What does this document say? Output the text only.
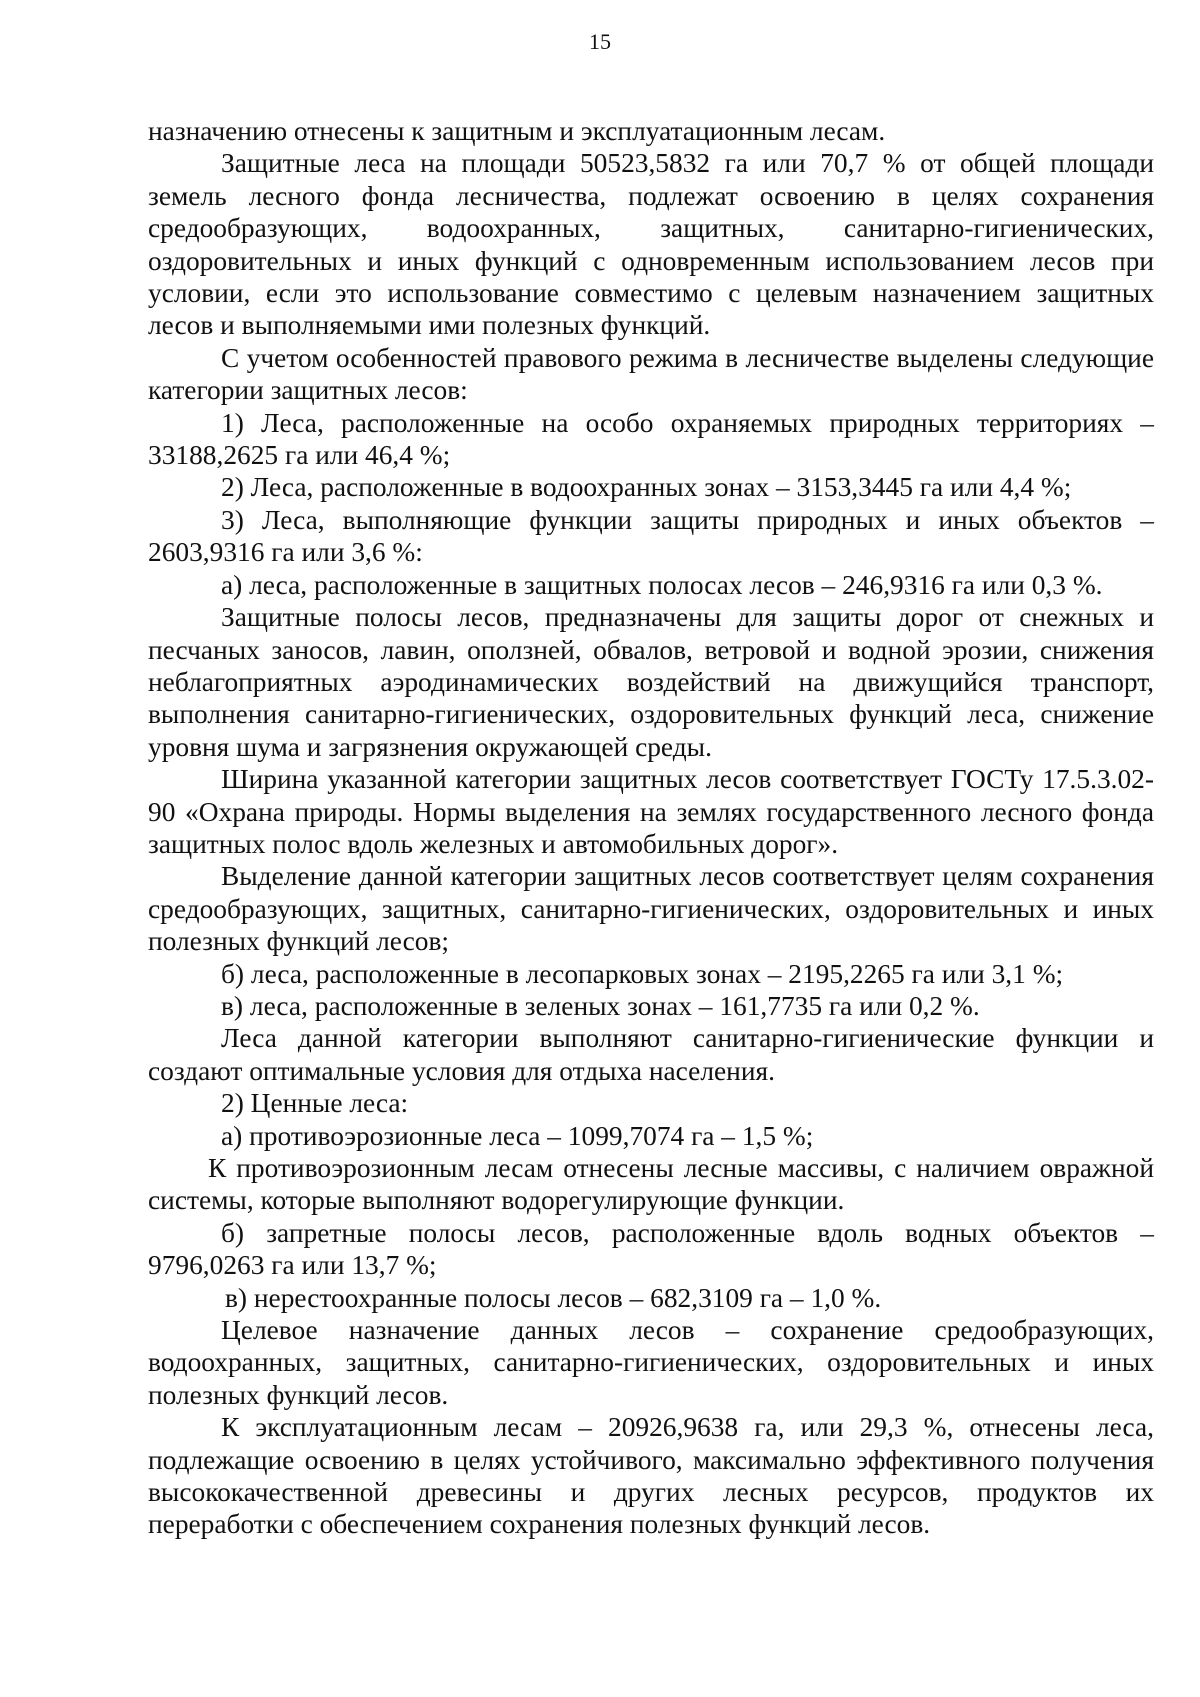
15

назначению отнесены к защитным и эксплуатационным лесам.

Защитные леса на площади 50523,5832 га или 70,7 % от общей площади земель лесного фонда лесничества, подлежат освоению в целях сохранения средообразующих, водоохранных, защитных, санитарно-гигиенических, оздоровительных и иных функций с одновременным использованием лесов при условии, если это использование совместимо с целевым назначением защитных лесов и выполняемыми ими полезных функций.

С учетом особенностей правового режима в лесничестве выделены следующие категории защитных лесов:

1) Леса, расположенные на особо охраняемых природных территориях – 33188,2625 га или 46,4 %;

2) Леса, расположенные в водоохранных зонах – 3153,3445 га или 4,4 %;

3) Леса, выполняющие функции защиты природных и иных объектов – 2603,9316 га или 3,6 %:

а) леса, расположенные в защитных полосах лесов – 246,9316 га или 0,3 %.

Защитные полосы лесов, предназначены для защиты дорог от снежных и песчаных заносов, лавин, оползней, обвалов, ветровой и водной эрозии, снижения неблагоприятных аэродинамических воздействий на движущийся транспорт, выполнения санитарно-гигиенических, оздоровительных функций леса, снижение уровня шума и загрязнения окружающей среды.

Ширина указанной категории защитных лесов соответствует ГОСТу 17.5.3.02-90 «Охрана природы. Нормы выделения на землях государственного лесного фонда защитных полос вдоль железных и автомобильных дорог».

Выделение данной категории защитных лесов соответствует целям сохранения средообразующих, защитных, санитарно-гигиенических, оздоровительных и иных полезных функций лесов;

б) леса, расположенные в лесопарковых зонах – 2195,2265 га или 3,1 %;

в) леса, расположенные в зеленых зонах – 161,7735 га или 0,2 %.

Леса данной категории выполняют санитарно-гигиенические функции и создают оптимальные условия для отдыха населения.

2) Ценные леса:

а) противоэрозионные леса – 1099,7074 га – 1,5 %;

К противоэрозионным лесам отнесены лесные массивы, с наличием овражной системы, которые выполняют водорегулирующие функции.

б) запретные полосы лесов, расположенные вдоль водных объектов – 9796,0263 га или 13,7 %;

в) нерестоохранные полосы лесов – 682,3109 га – 1,0 %.

Целевое назначение данных лесов – сохранение средообразующих, водоохранных, защитных, санитарно-гигиенических, оздоровительных и иных полезных функций лесов.

К эксплуатационным лесам – 20926,9638 га, или 29,3 %, отнесены леса, подлежащие освоению в целях устойчивого, максимально эффективного получения высококачественной древесины и других лесных ресурсов, продуктов их переработки с обеспечением сохранения полезных функций лесов.
